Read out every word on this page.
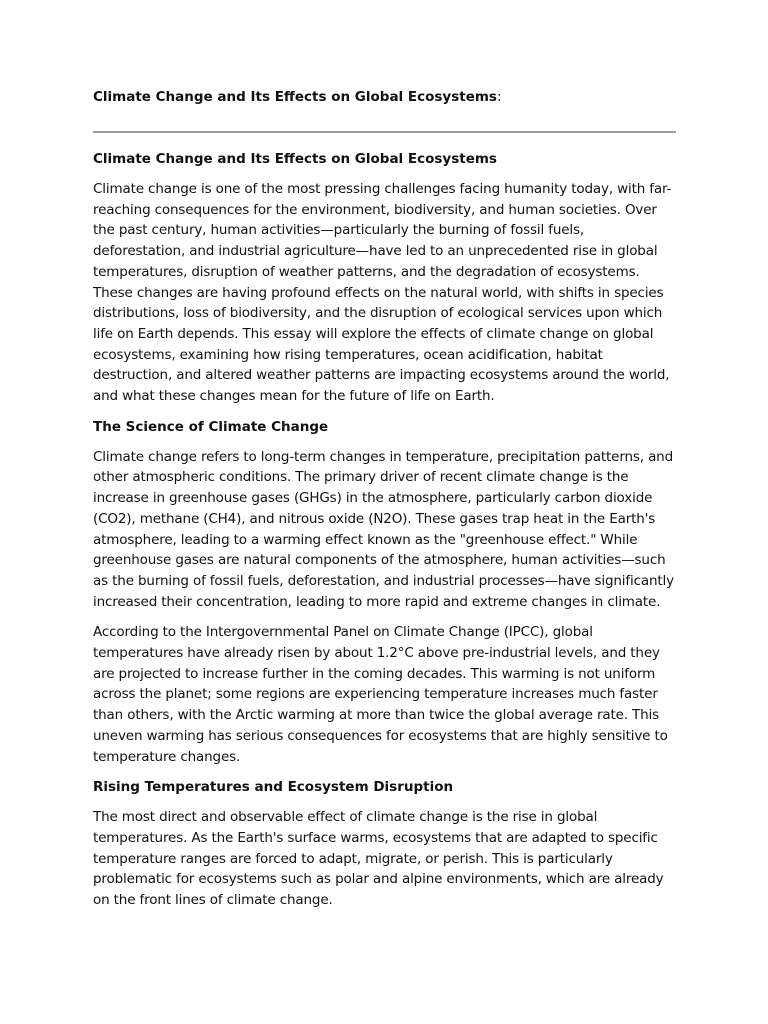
Climate Change and Its Effects on Global Ecosystems:

Climate Change and Its Effects on Global Ecosystems

Climate change is one of the most pressing challenges facing humanity today, with far-reaching consequences for the environment, biodiversity, and human societies. Over the past century, human activities—particularly the burning of fossil fuels, deforestation, and industrial agriculture—have led to an unprecedented rise in global temperatures, disruption of weather patterns, and the degradation of ecosystems. These changes are having profound effects on the natural world, with shifts in species distributions, loss of biodiversity, and the disruption of ecological services upon which life on Earth depends. This essay will explore the effects of climate change on global ecosystems, examining how rising temperatures, ocean acidification, habitat destruction, and altered weather patterns are impacting ecosystems around the world, and what these changes mean for the future of life on Earth.

The Science of Climate Change

Climate change refers to long-term changes in temperature, precipitation patterns, and other atmospheric conditions. The primary driver of recent climate change is the increase in greenhouse gases (GHGs) in the atmosphere, particularly carbon dioxide (CO2), methane (CH4), and nitrous oxide (N2O). These gases trap heat in the Earth's atmosphere, leading to a warming effect known as the "greenhouse effect." While greenhouse gases are natural components of the atmosphere, human activities—such as the burning of fossil fuels, deforestation, and industrial processes—have significantly increased their concentration, leading to more rapid and extreme changes in climate.

According to the Intergovernmental Panel on Climate Change (IPCC), global temperatures have already risen by about 1.2°C above pre-industrial levels, and they are projected to increase further in the coming decades. This warming is not uniform across the planet; some regions are experiencing temperature increases much faster than others, with the Arctic warming at more than twice the global average rate. This uneven warming has serious consequences for ecosystems that are highly sensitive to temperature changes.

Rising Temperatures and Ecosystem Disruption

The most direct and observable effect of climate change is the rise in global temperatures. As the Earth's surface warms, ecosystems that are adapted to specific temperature ranges are forced to adapt, migrate, or perish. This is particularly problematic for ecosystems such as polar and alpine environments, which are already on the front lines of climate change.
